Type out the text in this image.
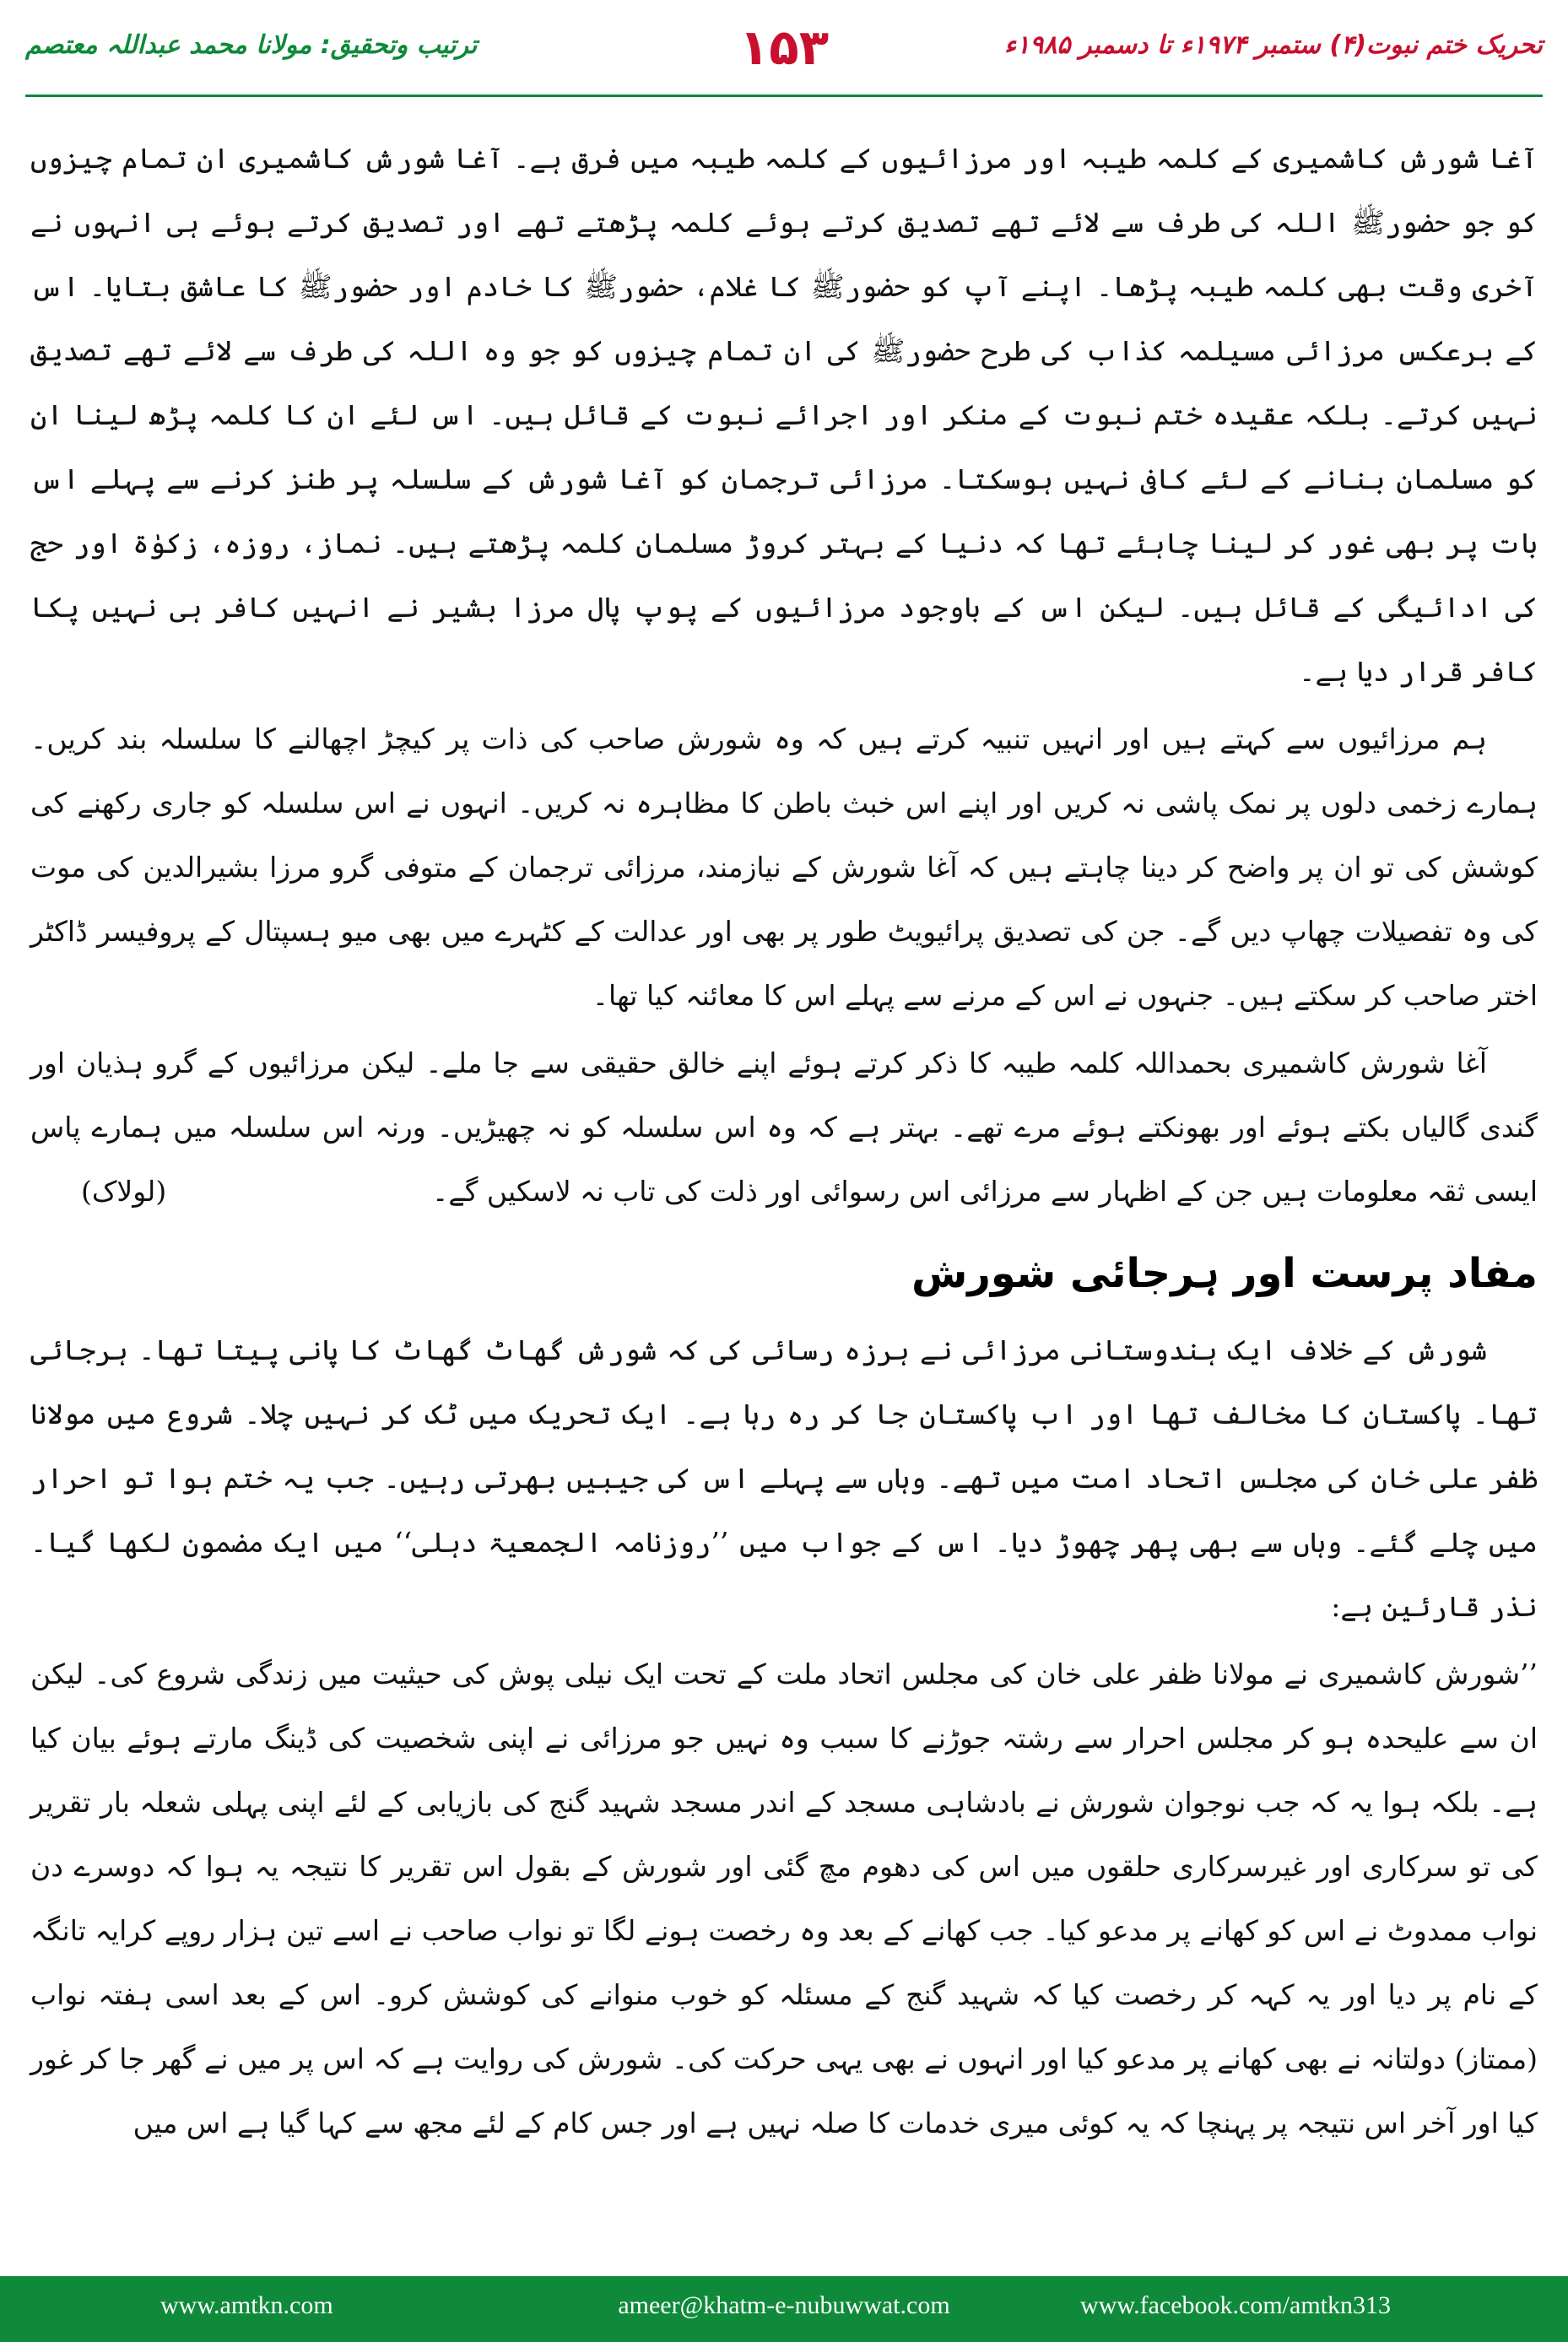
ترتیب وتحقیق: مولانا محمد عبداللہ معتصم	۱۵۳	تحریک ختم نبوت(۴) ستمبر ۱۹۷۴ء تا دسمبر ۱۹۸۵ء

آغا شورش کاشمیری کے کلمہ طیبہ اور مرزائیوں کے کلمہ طیبہ میں فرق ہے۔ آغا شورش کاشمیری ان تمام چیزوں کو جو حضورﷺ اللہ کی طرف سے لائے تھے تصدیق کرتے ہوئے کلمہ پڑھتے تھے اور تصدیق کرتے ہوئے ہی انہوں نے آخری وقت بھی کلمہ طیبہ پڑھا۔ اپنے آپ کو حضورﷺ کا غلام، حضورﷺ کا خادم اور حضورﷺ کا عاشق بتایا۔ اس کے برعکس مرزائی مسیلمہ کذاب کی طرح حضورﷺ کی ان تمام چیزوں کو جو وہ اللہ کی طرف سے لائے تھے تصدیق نہیں کرتے۔ بلکہ عقیدہ ختم نبوت کے منکر اور اجرائے نبوت کے قائل ہیں۔ اس لئے ان کا کلمہ پڑھ لینا ان کو مسلمان بنانے کے لئے کافی نہیں ہوسکتا۔ مرزائی ترجمان کو آغا شورش کے سلسلہ پر طنز کرنے سے پہلے اس بات پر بھی غور کر لینا چاہئے تھا کہ دنیا کے بہتر کروڑ مسلمان کلمہ پڑھتے ہیں۔ نماز، روزہ، زکوٰۃ اور حج کی ادائیگی کے قائل ہیں۔ لیکن اس کے باوجود مرزائیوں کے پوپ پال مرزا بشیر نے انہیں کافر ہی نہیں پکا کافر قرار دیا ہے۔

ہم مرزائیوں سے کہتے ہیں اور انہیں تنبیہ کرتے ہیں کہ وہ شورش صاحب کی ذات پر کیچڑ اچھالنے کا سلسلہ بند کریں۔ ہمارے زخمی دلوں پر نمک پاشی نہ کریں اور اپنے اس خبث باطن کا مظاہرہ نہ کریں۔ انہوں نے اس سلسلہ کو جاری رکھنے کی کوشش کی تو ان پر واضح کر دینا چاہتے ہیں کہ آغا شورش کے نیازمند، مرزائی ترجمان کے متوفی گرو مرزا بشیرالدین کی موت کی وہ تفصیلات چھاپ دیں گے۔ جن کی تصدیق پرائیویٹ طور پر بھی اور عدالت کے کٹہرے میں بھی میو ہسپتال کے پروفیسر ڈاکٹر اختر صاحب کر سکتے ہیں۔ جنہوں نے اس کے مرنے سے پہلے اس کا معائنہ کیا تھا۔

آغا شورش کاشمیری بحمداللہ کلمہ طیبہ کا ذکر کرتے ہوئے اپنے خالق حقیقی سے جا ملے۔ لیکن مرزائیوں کے گرو ہذیان اور گندی گالیاں بکتے ہوئے اور بھونکتے ہوئے مرے تھے۔ بہتر ہے کہ وہ اس سلسلہ کو نہ چھیڑیں۔ ورنہ اس سلسلہ میں ہمارے پاس ایسی ثقہ معلومات ہیں جن کے اظہار سے مرزائی اس رسوائی اور ذلت کی تاب نہ لاسکیں گے۔
(لولاک)

مفاد پرست اور ہرجائی شورش

شورش کے خلاف ایک ہندوستانی مرزائی نے ہرزہ رسائی کی کہ شورش گھاٹ گھاٹ کا پانی پیتا تھا۔ ہرجائی تھا۔ پاکستان کا مخالف تھا اور اب پاکستان جا کر رہ رہا ہے۔ ایک تحریک میں ٹک کر نہیں چلا۔ شروع میں مولانا ظفر علی خان کی مجلس اتحاد امت میں تھے۔ وہاں سے پہلے اس کی جیبیں بھرتی رہیں۔ جب یہ ختم ہوا تو احرار میں چلے گئے۔ وہاں سے بھی پھر چھوڑ دیا۔ اس کے جواب میں ’’روزنامہ الجمعیۃ دہلی‘‘ میں ایک مضمون لکھا گیا۔ نذر قارئین ہے:

’’شورش کاشمیری نے مولانا ظفر علی خان کی مجلس اتحاد ملت کے تحت ایک نیلی پوش کی حیثیت میں زندگی شروع کی۔ لیکن ان سے علیحدہ ہو کر مجلس احرار سے رشتہ جوڑنے کا سبب وہ نہیں جو مرزائی نے اپنی شخصیت کی ڈینگ مارتے ہوئے بیان کیا ہے۔ بلکہ ہوا یہ کہ جب نوجوان شورش نے بادشاہی مسجد کے اندر مسجد شہید گنج کی بازیابی کے لئے اپنی پہلی شعلہ بار تقریر کی تو سرکاری اور غیرسرکاری حلقوں میں اس کی دھوم مچ گئی اور شورش کے بقول اس تقریر کا نتیجہ یہ ہوا کہ دوسرے دن نواب ممدوٹ نے اس کو کھانے پر مدعو کیا۔ جب کھانے کے بعد وہ رخصت ہونے لگا تو نواب صاحب نے اسے تین ہزار روپے کرایہ تانگہ کے نام پر دیا اور یہ کہہ کر رخصت کیا کہ شہید گنج کے مسئلہ کو خوب منوانے کی کوشش کرو۔ اس کے بعد اسی ہفتہ نواب (ممتاز) دولتانہ نے بھی کھانے پر مدعو کیا اور انہوں نے بھی یہی حرکت کی۔ شورش کی روایت ہے کہ اس پر میں نے گھر جا کر غور کیا اور آخر اس نتیجہ پر پہنچا کہ یہ کوئی میری خدمات کا صلہ نہیں ہے اور جس کام کے لئے مجھ سے کہا گیا ہے اس میں

www.amtkn.com	ameer@khatm-e-nubuwwat.com	www.facebook.com/amtkn313
